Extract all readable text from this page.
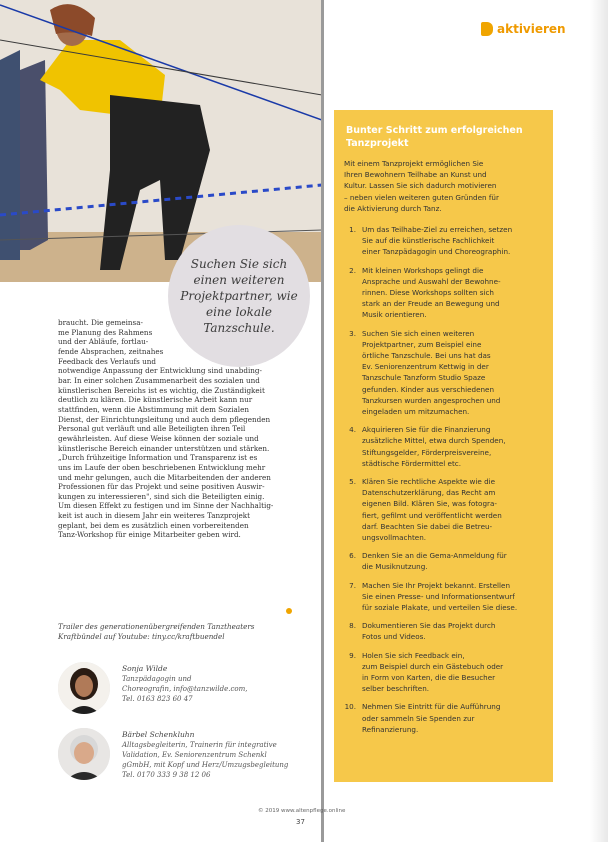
aktivieren
Suchen Sie sich einen weiteren Projektpartner, wie eine lokale Tanzschule.

braucht. Die gemeinsa-
me Planung des Rahmens
und der Abläufe, fortlau-
fende Absprachen, zeitnahes
Feedback des Verlaufs und
notwendige Anpassung der Entwicklung sind unabding-
bar. In einer solchen Zusammenarbeit des sozialen und
künstlerischen Bereichs ist es wichtig, die Zuständigkeit
deutlich zu klären. Die künstlerische Arbeit kann nur
stattfinden, wenn die Abstimmung mit dem Sozialen
Dienst, der Einrichtungsleitung und auch dem pflegenden
Personal gut verläuft und alle Beteiligten ihren Teil
gewährleisten. Auf diese Weise können der soziale und
künstlerische Bereich einander unterstützen und stärken.
„Durch frühzeitige Information und Transparenz ist es
uns im Laufe der oben beschriebenen Entwicklung mehr
und mehr gelungen, auch die Mitarbeitenden der anderen
Professionen für das Projekt und seine positiven Auswir-
kungen zu interessieren", sind sich die Beteiligten einig.
Um diesen Effekt zu festigen und im Sinne der Nachhaltig-
keit ist auch in diesem Jahr ein weiteres Tanzprojekt
geplant, bei dem es zusätzlich einen vorbereitenden
Tanz-Workshop für einige Mitarbeiter geben wird.

Trailer des generationenübergreifenden Tanztheaters
Kraftbündel auf Youtube: tiny.cc/kraftbuendel
Sonja Wilde
Tanzpädagogin und
Choreografin, info@tanzwilde.com,
Tel. 0163 823 60 47
Bärbel Schenkluhn
Alltagsbegleiterin, Trainerin für integrative
Validation, Ev. Seniorenzentrum Schenkl
gGmbH, mit Kopf und Herz/Umzugsbegleitung
Tel. 0170 333 9 38 12 06
Bunter Schritt zum erfolgreichen Tanzprojekt
Mit einem Tanzprojekt ermöglichen Sie
Ihren Bewohnern Teilhabe an Kunst und
Kultur. Lassen Sie sich dadurch motivieren
– neben vielen weiteren guten Gründen für
die Aktivierung durch Tanz.
1. Um das Teilhabe-Ziel zu erreichen, setzen
Sie auf die künstlerische Fachlichkeit
einer Tanzpädagogin und Choreographin.
2. Mit kleinen Workshops gelingt die
Ansprache und Auswahl der Bewohne-
rinnen. Diese Workshops sollten sich
stark an der Freude an Bewegung und
Musik orientieren.
3. Suchen Sie sich einen weiteren
Projektpartner, zum Beispiel eine
örtliche Tanzschule. Bei uns hat das
Ev. Seniorenzentrum Kettwig in der
Tanzschule Tanzform Studio Spaze
gefunden. Kinder aus verschiedenen
Tanzkursen wurden angesprochen und
eingeladen um mitzumachen.
4. Akquirieren Sie für die Finanzierung
zusätzliche Mittel, etwa durch Spenden,
Stiftungsgelder, Förderpreisvereine,
städtische Fördermittel etc.
5. Klären Sie rechtliche Aspekte wie die
Datenschutzerklärung, das Recht am
eigenen Bild. Klären Sie, was fotogra-
fiert, gefilmt und veröffentlicht werden
darf. Beachten Sie dabei die Betreu-
ungsvollmachten.
6. Denken Sie an die Gema-Anmeldung für
die Musiknutzung.
7. Machen Sie Ihr Projekt bekannt. Erstellen
Sie einen Presse- und Informationsentwurf
für soziale Plakate, und verteilen Sie diese.
8. Dokumentieren Sie das Projekt durch
Fotos und Videos.
9. Holen Sie sich Feedback ein,
zum Beispiel durch ein Gästebuch oder
in Form von Karten, die die Besucher
selber beschriften.
10. Nehmen Sie Eintritt für die Aufführung
oder sammeln Sie Spenden zur
Refinanzierung.
© 2019 www.altenpflege.online
37
